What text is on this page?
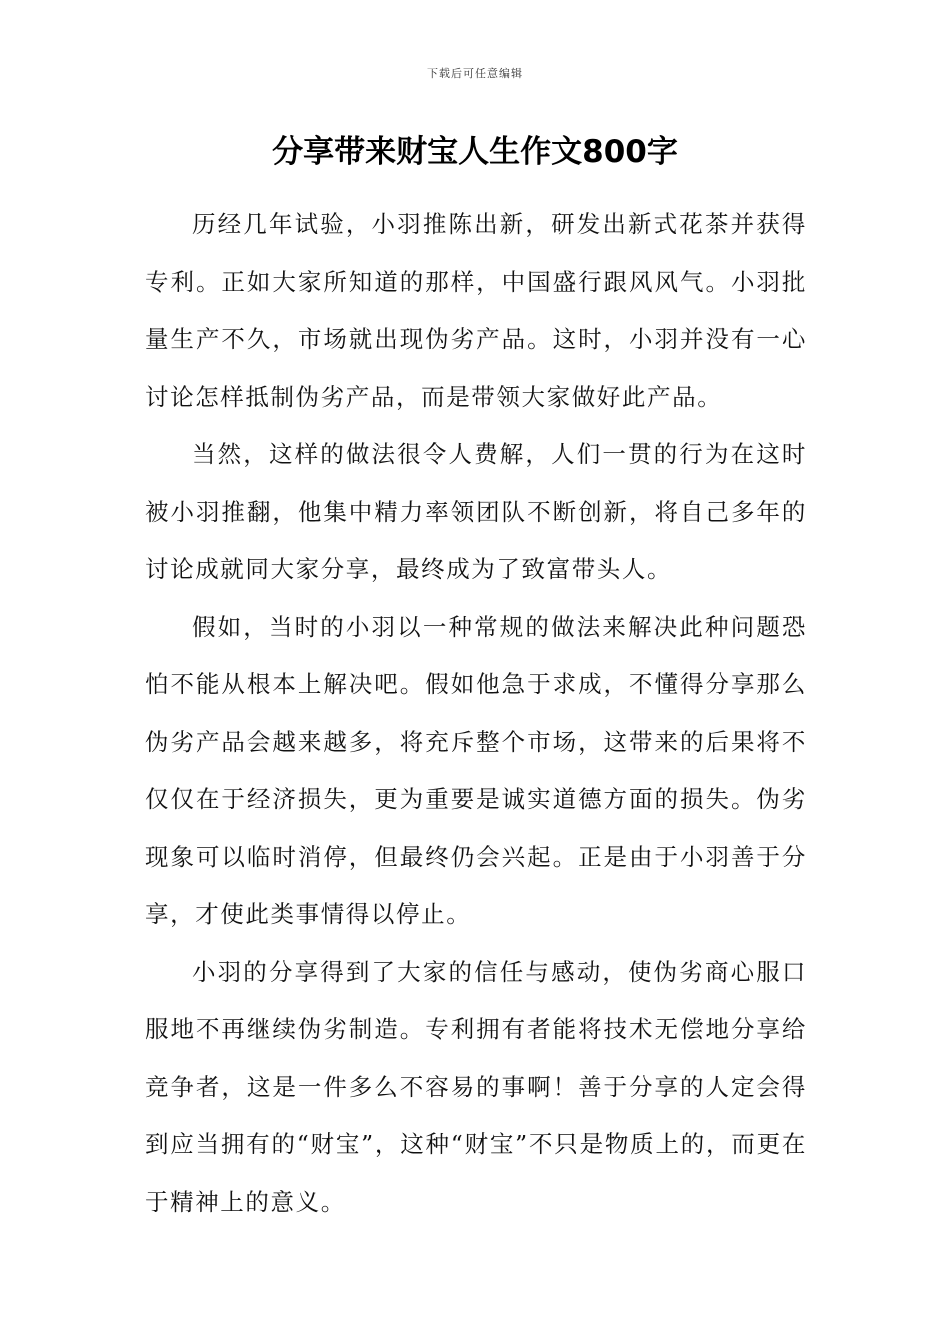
下载后可任意编辑
分享带来财宝人生作文800字

历经几年试验，小羽推陈出新，研发出新式花茶并获得专利。正如大家所知道的那样，中国盛行跟风风气。小羽批量生产不久，市场就出现伪劣产品。这时，小羽并没有一心讨论怎样抵制伪劣产品，而是带领大家做好此产品。

当然，这样的做法很令人费解，人们一贯的行为在这时被小羽推翻，他集中精力率领团队不断创新，将自己多年的讨论成就同大家分享，最终成为了致富带头人。

假如，当时的小羽以一种常规的做法来解决此种问题恐怕不能从根本上解决吧。假如他急于求成，不懂得分享那么伪劣产品会越来越多，将充斥整个市场，这带来的后果将不仅仅在于经济损失，更为重要是诚实道德方面的损失。伪劣现象可以临时消停，但最终仍会兴起。正是由于小羽善于分享，才使此类事情得以停止。

小羽的分享得到了大家的信任与感动，使伪劣商心服口服地不再继续伪劣制造。专利拥有者能将技术无偿地分享给竞争者，这是一件多么不容易的事啊！善于分享的人定会得到应当拥有的“财宝”，这种“财宝”不只是物质上的，而更在于精神上的意义。
